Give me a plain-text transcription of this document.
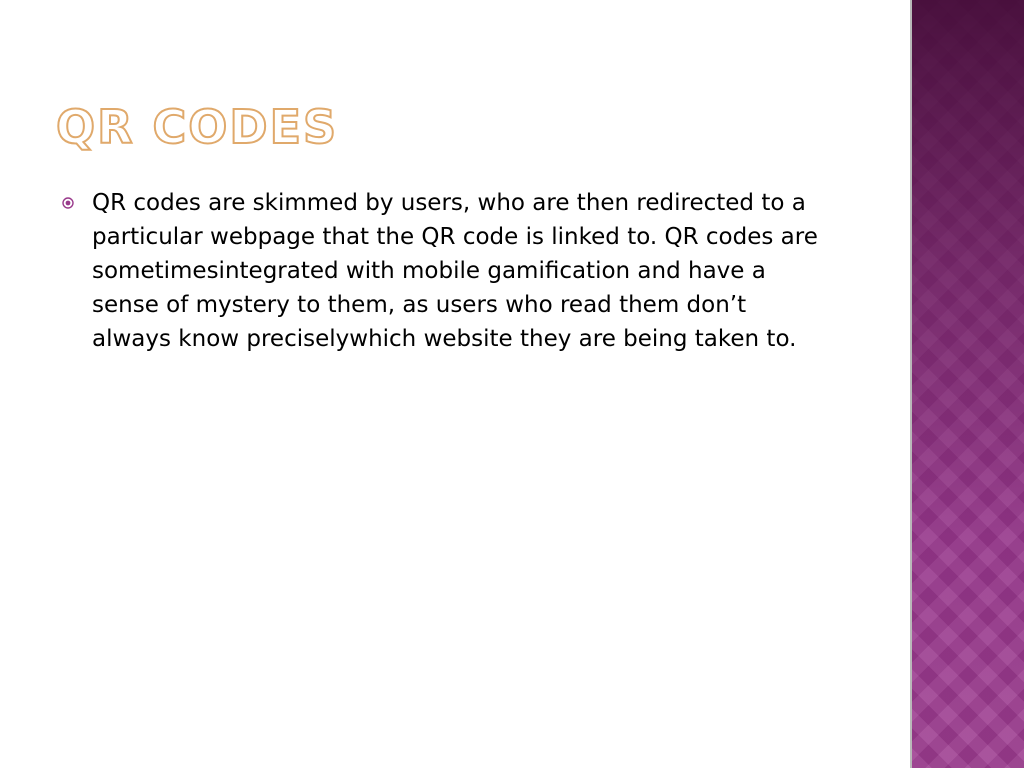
QR CODES
QR codes are skimmed by users, who are then redirected to a particular webpage that the QR code is linked to. QR codes are sometimesintegrated with mobile gamification and have a sense of mystery to them, as users who read them don’t always know preciselywhich website they are being taken to.
